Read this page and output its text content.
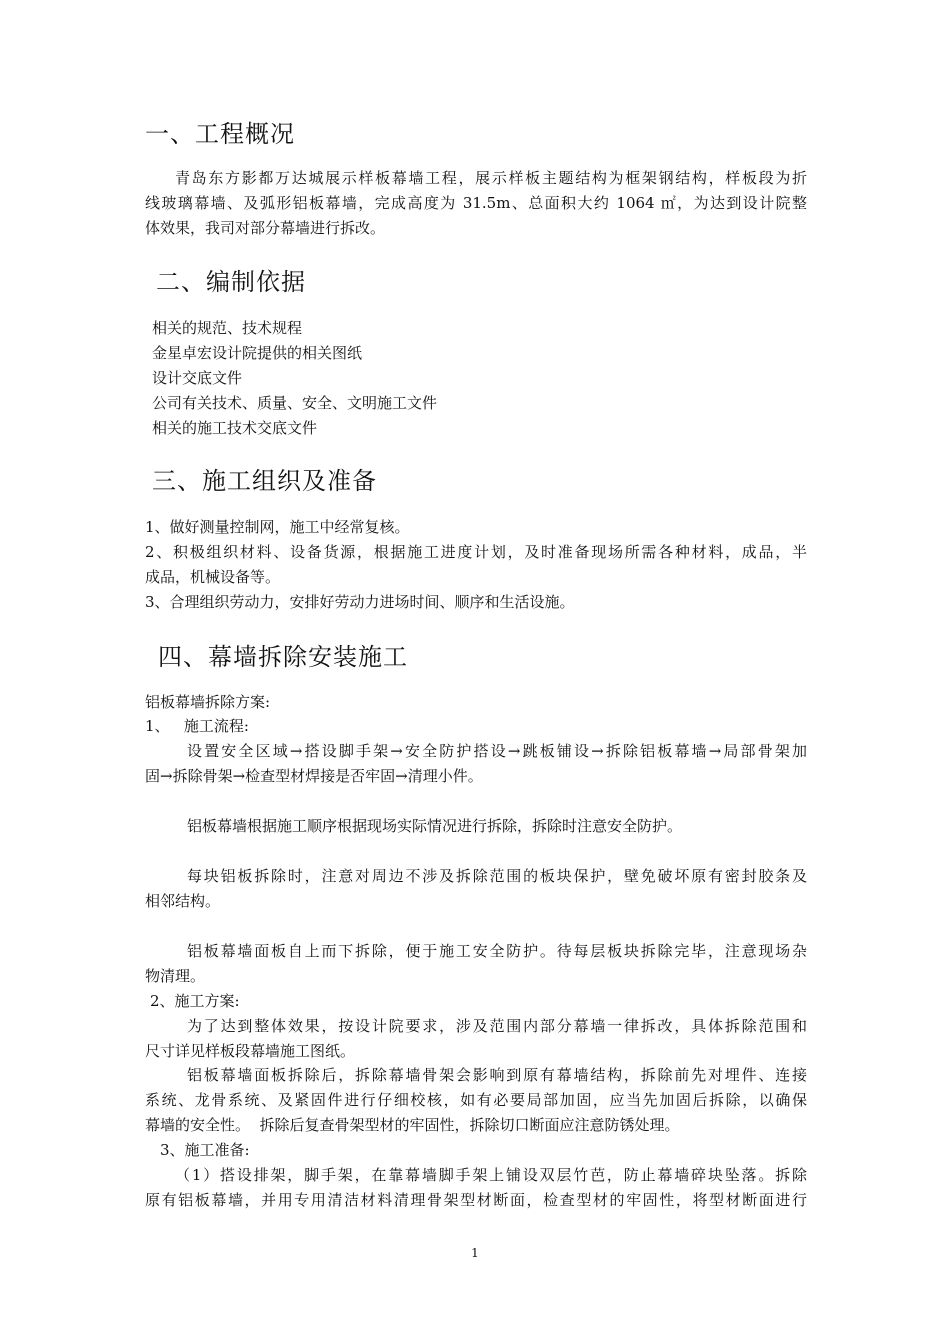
一、工程概况
青岛东方影都万达城展示样板幕墙工程，展示样板主题结构为框架钢结构，样板段为折
线玻璃幕墙、及弧形铝板幕墙，完成高度为 31.5m、总面积大约 1064 ㎡，为达到设计院整
体效果，我司对部分幕墙进行拆改。
二、编制依据
相关的规范、技术规程
金星卓宏设计院提供的相关图纸
设计交底文件
公司有关技术、质量、安全、文明施工文件
相关的施工技术交底文件
三、施工组织及准备
1、做好测量控制网，施工中经常复核。
2、积极组织材料、设备货源，根据施工进度计划，及时准备现场所需各种材料，成品，半
成品，机械设备等。
3、合理组织劳动力，安排好劳动力进场时间、顺序和生活设施。
四、幕墙拆除安装施工
铝板幕墙拆除方案:
1、   施工流程:
设置安全区域→搭设脚手架→安全防护搭设→跳板铺设→拆除铝板幕墙→局部骨架加
固→拆除骨架→检查型材焊接是否牢固→清理小件。
铝板幕墙根据施工顺序根据现场实际情况进行拆除，拆除时注意安全防护。
每块铝板拆除时，注意对周边不涉及拆除范围的板块保护，壁免破坏原有密封胶条及
相邻结构。
铝板幕墙面板自上而下拆除，便于施工安全防护。待每层板块拆除完毕，注意现场杂
物清理。
2、施工方案:
为了达到整体效果，按设计院要求，涉及范围内部分幕墙一律拆改，具体拆除范围和
尺寸详见样板段幕墙施工图纸。
铝板幕墙面板拆除后，拆除幕墙骨架会影响到原有幕墙结构，拆除前先对埋件、连接
系统、龙骨系统、及紧固件进行仔细校核，如有必要局部加固，应当先加固后拆除，以确保
幕墙的安全性。  拆除后复查骨架型材的牢固性，拆除切口断面应注意防锈处理。
3、施工准备:
（1）搭设排架，脚手架，在靠幕墙脚手架上铺设双层竹芭，防止幕墙碎块坠落。拆除
原有铝板幕墙，并用专用清洁材料清理骨架型材断面，检查型材的牢固性，将型材断面进行
1
